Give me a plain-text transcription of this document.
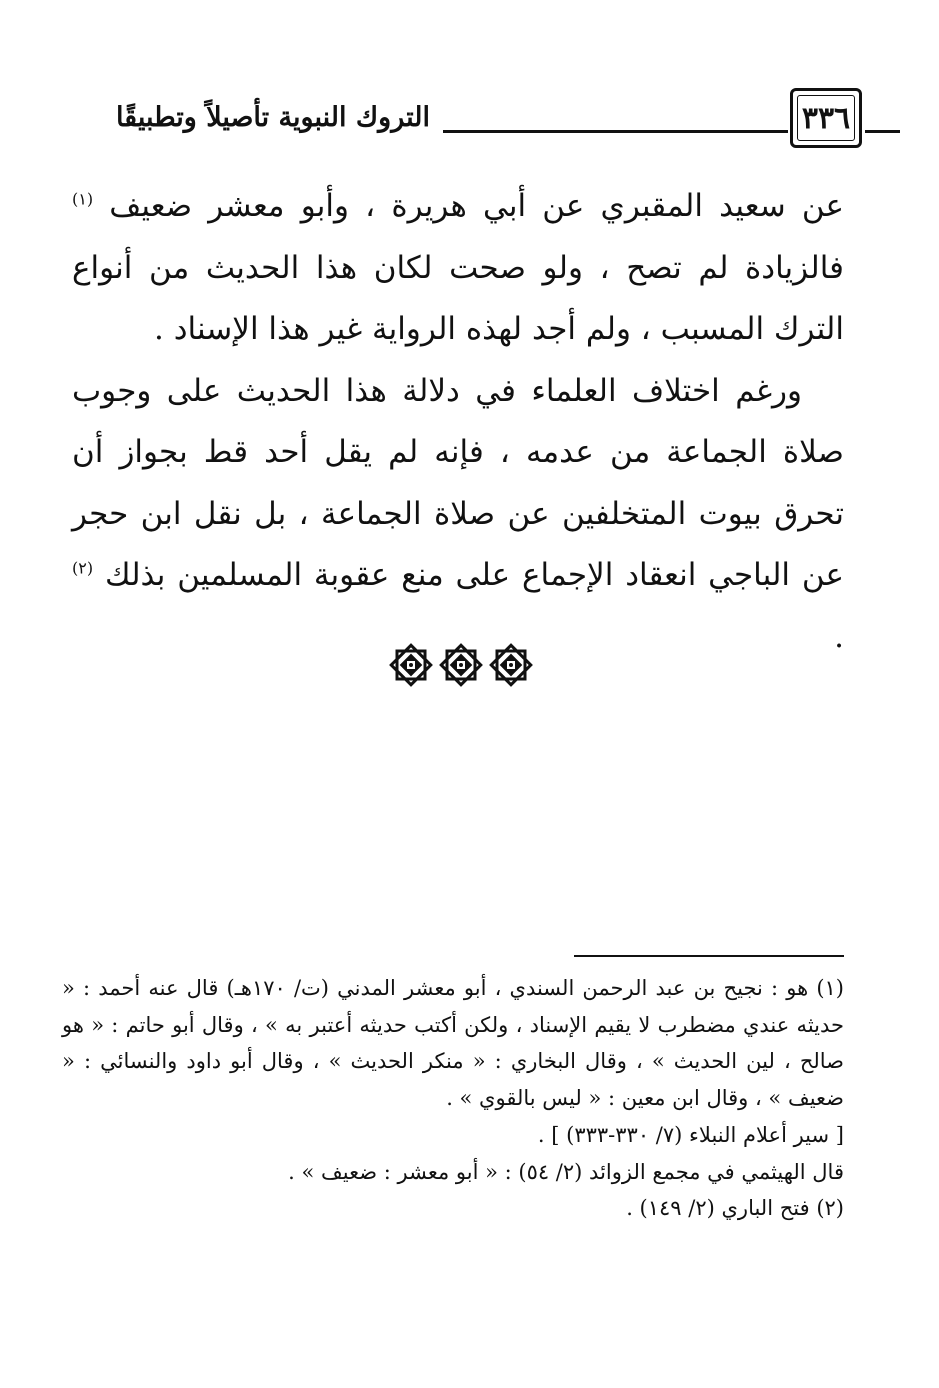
٣٣٦
التروك النبوية تأصيلاً وتطبيقًا

عن سعيد المقبري عن أبي هريرة ، وأبو معشر ضعيف $^{(١)}$ فالزيادة لم تصح ، ولو صحت لكان هذا الحديث من أنواع الترك المسبب ، ولم أجد لهذه الرواية غير هذا الإسناد .

ورغم اختلاف العلماء في دلالة هذا الحديث على وجوب صلاة الجماعة من عدمه ، فإنه لم يقل أحد قط بجواز أن تحرق بيوت المتخلفين عن صلاة الجماعة ، بل نقل ابن حجر عن الباجي انعقاد الإجماع على منع عقوبة المسلمين بذلك $^{(٢)}$ .

(١) هو : نجيح بن عبد الرحمن السندي ، أبو معشر المدني (ت/ ١٧٠هـ) قال عنه أحمد : « حديثه عندي مضطرب لا يقيم الإسناد ، ولكن أكتب حديثه أعتبر به » ، وقال أبو حاتم : « هو صالح ، لين الحديث » ، وقال البخاري : « منكر الحديث » ، وقال أبو داود والنسائي : « ضعيف » ، وقال ابن معين : « ليس بالقوي » .

[ سير أعلام النبلاء (٧/ ٣٣٠-٣٣٣) ] .

قال الهيثمي في مجمع الزوائد (٢/ ٥٤) : « أبو معشر : ضعيف » .

(٢) فتح الباري (٢/ ١٤٩) .
